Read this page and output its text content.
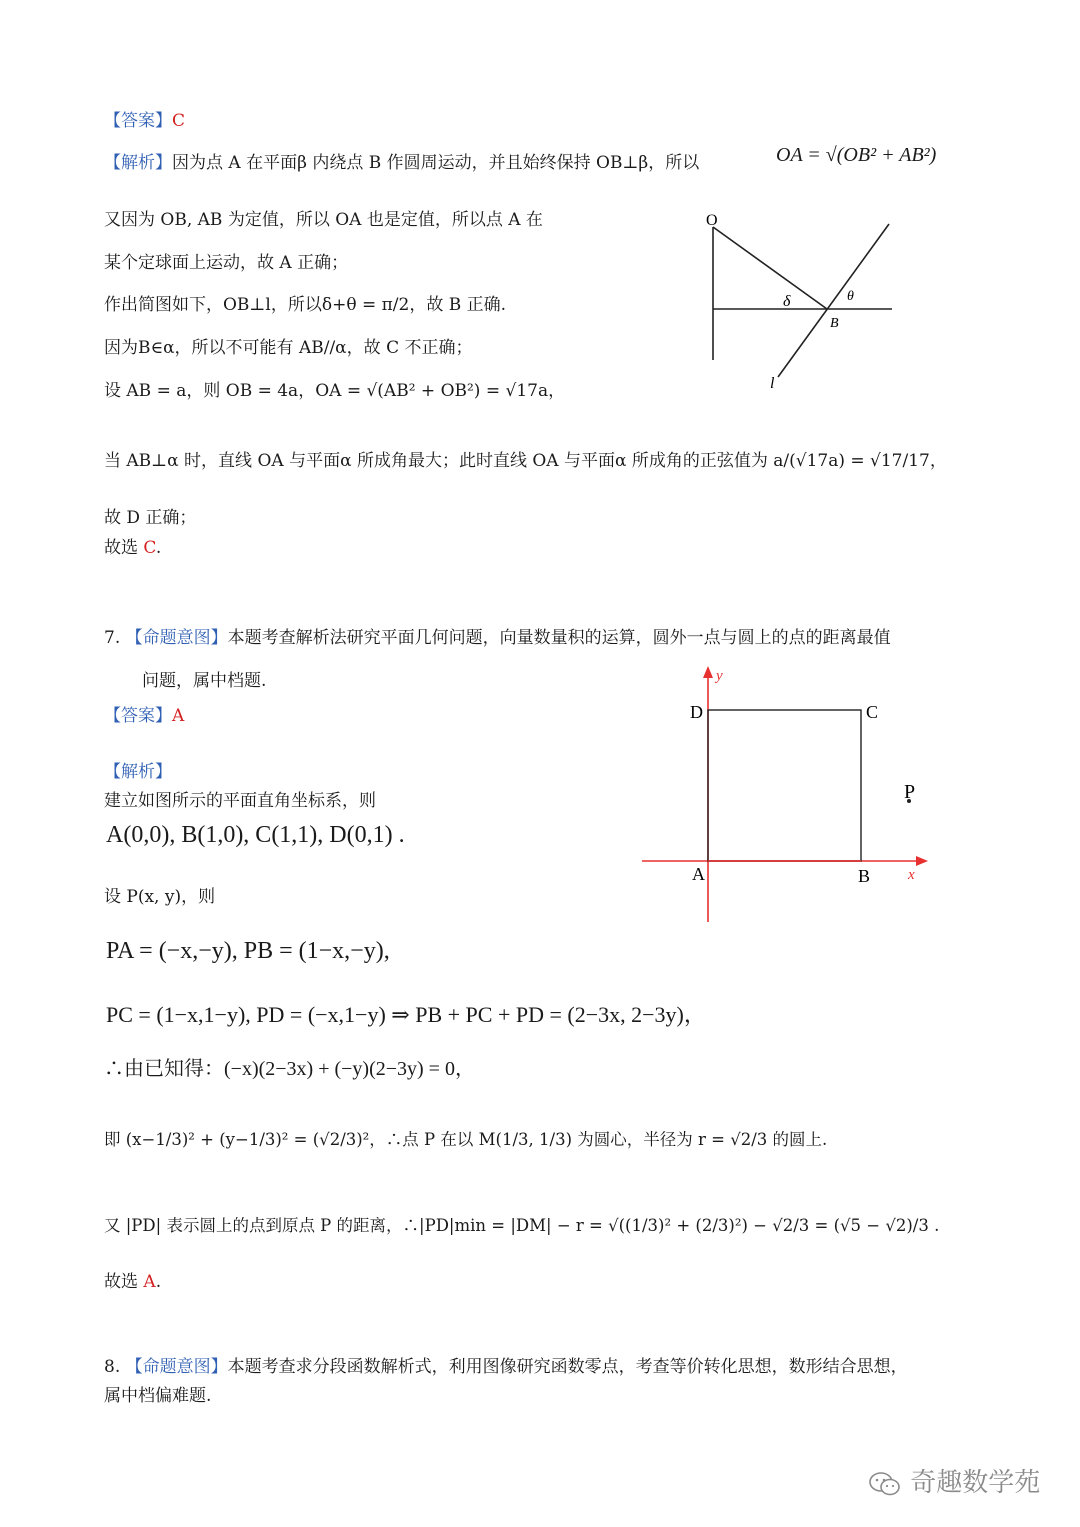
【答案】C
【解析】因为点 A 在平面β 内绕点 B 作圆周运动，并且始终保持 OB⊥β，所以	OA = √(OB² + AB²)
又因为 OB, AB 为定值，所以 OA 也是定值，所以点 A 在
某个定球面上运动，故 A 正确；
作出简图如下，OB⊥l，所以δ+θ = π/2，故 B 正确.
因为B∈α，所以不可能有 AB//α，故 C 不正确；
设 AB = a，则 OB = 4a，OA = √(AB² + OB²) = √17a，
O
B
l
δ	θ
当 AB⊥α 时，直线 OA 与平面α 所成角最大；此时直线 OA 与平面α 所成角的正弦值为 a/(√17a) = √17/17，
故 D 正确；
故选 C.
7. 【命题意图】本题考查解析法研究平面几何问题，向量数量积的运算，圆外一点与圆上的点的距离最值
问题，属中档题.
【答案】A
【解析】
建立如图所示的平面直角坐标系，则
A(0,0), B(1,0), C(1,1), D(0,1) .
设 P(x, y)，则
y
x
A	B
C
D
P
PA = (−x,−y), PB = (1−x,−y),
PC = (1−x,1−y), PD = (−x,1−y) ⇒ PB + PC + PD = (2−3x, 2−3y)，
∴由已知得：(−x)(2−3x) + (−y)(2−3y) = 0，
即 (x−1/3)² + (y−1/3)² = (√2/3)²，∴点 P 在以 M(1/3, 1/3) 为圆心，半径为 r = √2/3 的圆上.
又 |PD| 表示圆上的点到原点 P 的距离，∴|PD|min = |DM| − r = √((1/3)² + (2/3)²) − √2/3 = (√5 − √2)/3 .
故选 A.
8. 【命题意图】本题考查求分段函数解析式，利用图像研究函数零点，考查等价转化思想，数形结合思想，
属中档偏难题.
奇趣数学苑
